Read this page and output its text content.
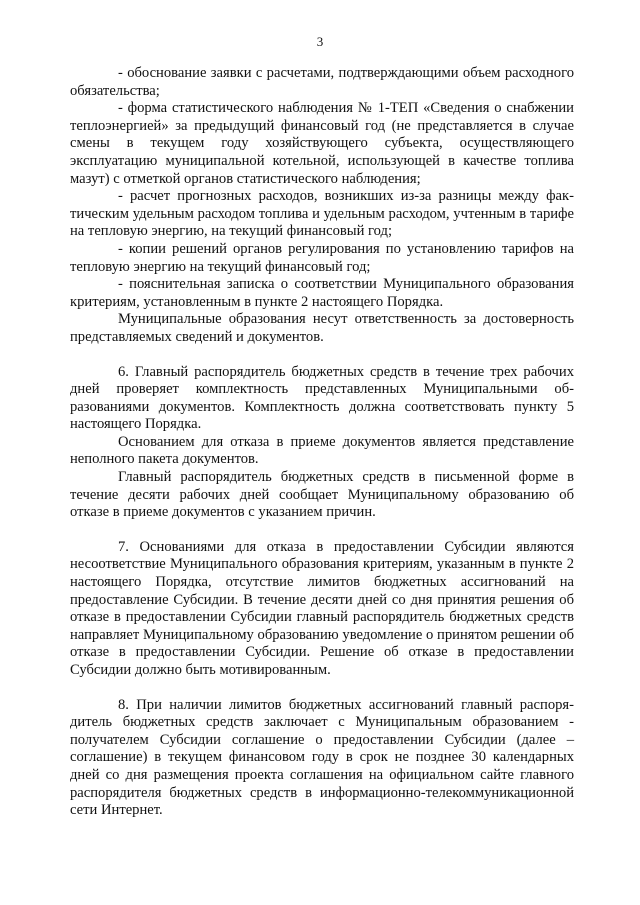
3

- обоснование заявки с расчетами, подтверждающими объем расходного обязательства;

- форма статистического наблюдения № 1-ТЕП «Сведения о снабжении теплоэнергией» за предыдущий финансовый год (не представляется в случае смены в текущем году хозяйствующего субъекта, осуществляющего эксплуатацию муниципальной котельной, использующей в качестве топлива мазут) с отметкой органов статистического наблюдения;

- расчет прогнозных расходов, возникших из-за разницы между фактическим удельным расходом топлива и удельным расходом, учтенным в тарифе на тепловую энергию, на текущий финансовый год;

- копии решений органов регулирования по установлению тарифов на тепловую энергию на текущий финансовый год;

- пояснительная записка о соответствии Муниципального образования критериям, установленным в пункте 2 настоящего Порядка.

Муниципальные образования несут ответственность за достоверность представляемых сведений и документов.

6. Главный распорядитель бюджетных средств в течение трех рабочих дней проверяет комплектность представленных Муниципальными образованиями документов. Комплектность должна соответствовать пункту 5 настоящего Порядка.

Основанием для отказа в приеме документов является представление неполного пакета документов.

Главный распорядитель бюджетных средств в письменной форме в течение десяти рабочих дней сообщает Муниципальному образованию об отказе в приеме документов с указанием причин.

7. Основаниями для отказа в предоставлении Субсидии являются несоответствие Муниципального образования критериям, указанным в пункте 2 настоящего Порядка, отсутствие лимитов бюджетных ассигнований на предоставление Субсидии. В течение десяти дней со дня принятия решения об отказе в предоставлении Субсидии главный распорядитель бюджетных средств направляет Муниципальному образованию уведомление о принятом решении об отказе в предоставлении Субсидии. Решение об отказе в предоставлении Субсидии должно быть мотивированным.

8. При наличии лимитов бюджетных ассигнований главный распорядитель бюджетных средств заключает с Муниципальным образованием - получателем Субсидии соглашение о предоставлении Субсидии (далее – соглашение) в текущем финансовом году в срок не позднее 30 календарных дней со дня размещения проекта соглашения на официальном сайте главного распорядителя бюджетных средств в информационно-телекоммуникационной сети Интернет.
